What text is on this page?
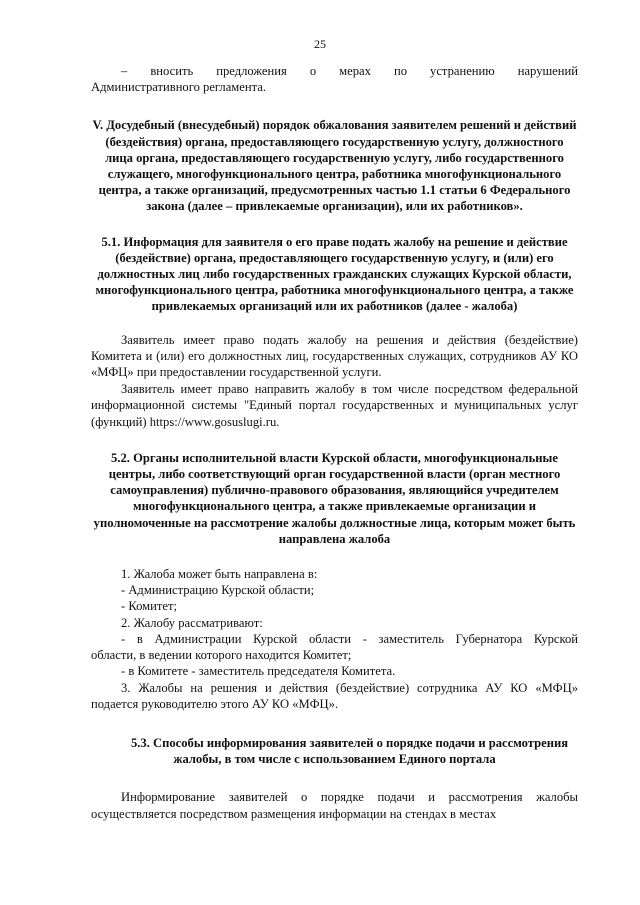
25

– вносить предложения о мерах по устранению нарушений

Административного регламента.

V. Досудебный (внесудебный) порядок обжалования заявителем решений и действий (бездействия) органа, предоставляющего государственную услугу, должностного лица органа, предоставляющего государственную услугу, либо государственного служащего, многофункционального центра, работника многофункционального центра, а также организаций, предусмотренных частью 1.1 статьи 6 Федерального закона (далее – привлекаемые организации), или их работников».

5.1. Информация для заявителя о его праве подать жалобу на решение и действие (бездействие) органа, предоставляющего государственную услугу, и (или) его должностных лиц либо государственных гражданских служащих Курской области, многофункционального центра, работника многофункционального центра, а также привлекаемых организаций или их работников (далее - жалоба)

Заявитель имеет право подать жалобу на решения и действия (бездействие) Комитета и (или) его должностных лиц, государственных служащих, сотрудников АУ КО «МФЦ» при предоставлении государственной услуги.

Заявитель имеет право направить жалобу в том числе посредством федеральной информационной системы "Единый портал государственных и муниципальных услуг (функций) https://www.gosuslugi.ru.

5.2. Органы исполнительной власти Курской области, многофункциональные центры, либо соответствующий орган государственной власти (орган местного самоуправления) публично-правового образования, являющийся учредителем многофункционального центра, а также привлекаемые организации и уполномоченные на рассмотрение жалобы должностные лица, которым может быть направлена жалоба

1. Жалоба может быть направлена в:

- Администрацию Курской области;

- Комитет;

2. Жалобу рассматривают:

- в Администрации Курской области - заместитель Губернатора Курской

области, в ведении которого находится Комитет;

- в Комитете - заместитель председателя Комитета.

3. Жалобы на решения и действия (бездействие) сотрудника АУ КО «МФЦ»

подается руководителю этого АУ КО «МФЦ».

5.3. Способы информирования заявителей о порядке подачи и рассмотрения жалобы, в том числе с использованием Единого портала

Информирование заявителей о порядке подачи и рассмотрения жалобы осуществляется посредством размещения информации на стендах в местах
